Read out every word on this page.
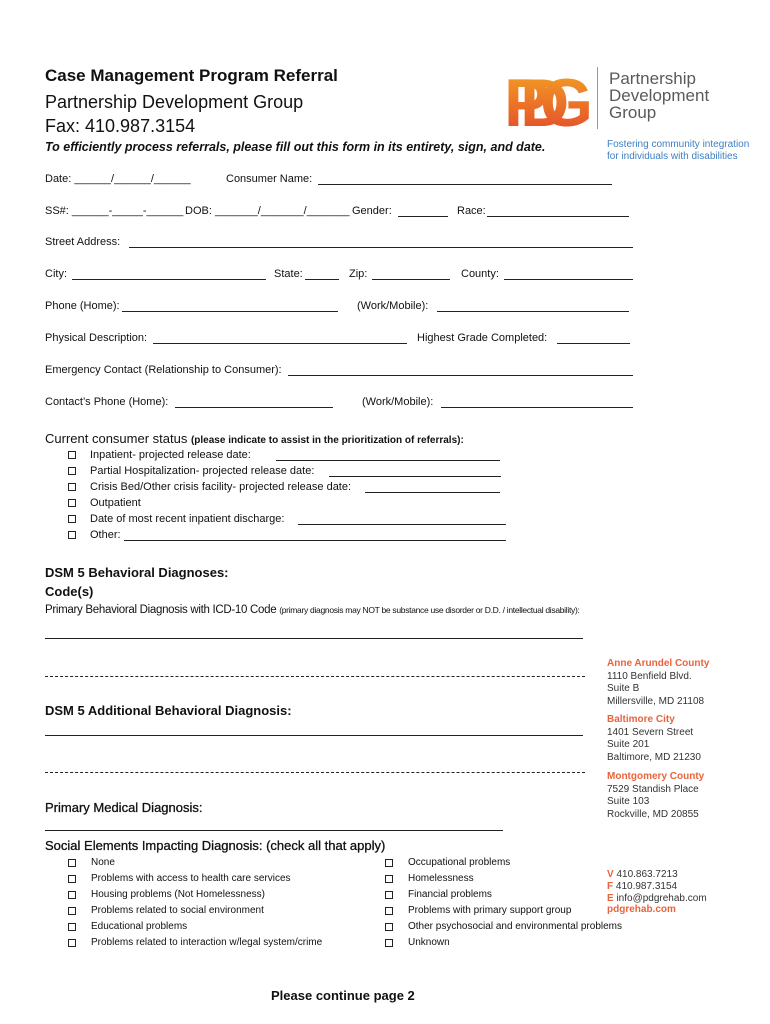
Case Management Program Referral
Partnership Development Group
Fax: 410.987.3154
To efficiently process referrals, please fill out this form in its entirety, sign, and date.
PDG Partnership
Development
Group
Fostering community integration
for individuals with disabilities
Date: ______/______/______	Consumer Name:
SS#: ______-_____-______ DOB: _______/_______/_______ Gender:	Race:
Street Address:
City:	State:	Zip:	County:
Phone (Home):	(Work/Mobile):
Physical Description:	Highest Grade Completed:
Emergency Contact (Relationship to Consumer):
Contact’s Phone (Home):	(Work/Mobile):
Current consumer status (please indicate to assist in the prioritization of referrals):
Inpatient- projected release date:
Partial Hospitalization- projected release date:
Crisis Bed/Other crisis facility- projected release date:
Outpatient
Date of most recent inpatient discharge:
Other:
DSM 5 Behavioral Diagnoses:
Code(s)
Primary Behavioral Diagnosis with ICD-10 Code (primary diagnosis may NOT be substance use disorder or D.D. / intellectual disability):
DSM 5 Additional Behavioral Diagnosis:
Primary Medical Diagnosis:
Social Elements Impacting Diagnosis: (check all that apply)
None
Problems with access to health care services
Housing problems (Not Homelessness)
Problems related to social environment
Educational problems
Problems related to interaction w/legal system/crime
Occupational problems
Homelessness
Financial problems
Problems with primary support group
Other psychosocial and environmental problems
Unknown
Anne Arundel County
1110 Benfield Blvd.
Suite B
Millersville, MD 21108
Baltimore City
1401 Severn Street
Suite 201
Baltimore, MD 21230
Montgomery County
7529 Standish Place
Suite 103
Rockville, MD 20855
V 410.863.7213
F 410.987.3154
E info@pdgrehab.com
pdgrehab.com
Please continue page 2
